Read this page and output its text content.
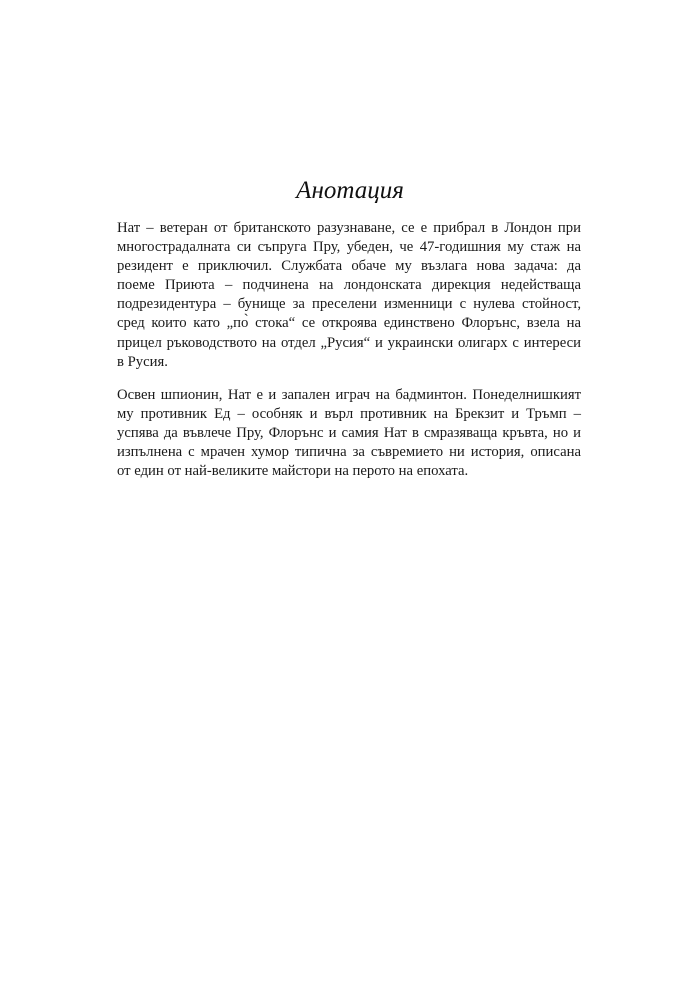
Анотация

Нат – ветеран от британското разузнаване, се е прибрал в Лондон при
многострадалната си съпруга Пру, убеден, че 47-годишния му стаж на
резидент е приключил. Службата обаче му възлага нова задача: да
поеме Приюта – подчинена на лондонската дирекция недействаща
подрезидентура – бунище за преселени изменници с нулева стойност,
сред които като „по̀ стока“ се откроява единствено Флорънс, взела на
прицел ръководството на отдел „Русия“ и украински олигарх с интереси
в Русия.

Освен шпионин, Нат е и запален играч на бадминтон. Понеделнишкият
му противник Ед – особняк и върл противник на Брекзит и Тръмп –
успява да въвлече Пру, Флорънс и самия Нат в смразяваща кръвта, но и
изпълнена с мрачен хумор типична за съвремието ни история, описана
от един от най-великите майстори на перото на епохата.
